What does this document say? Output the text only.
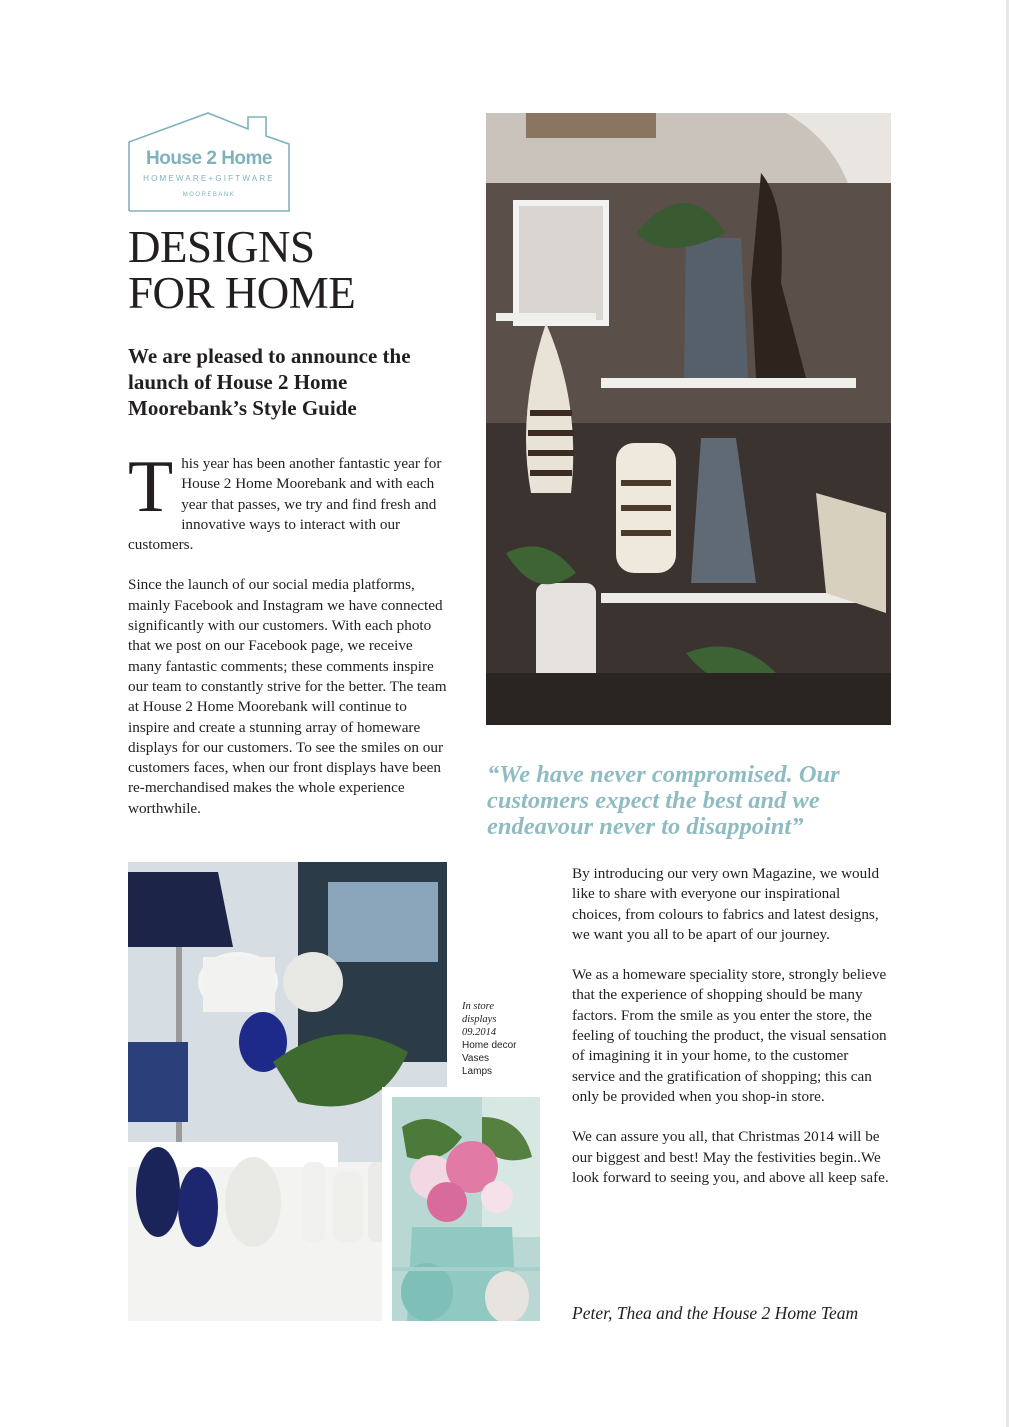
House 2 Home
HOMEWARE+GIFTWARE
MOOREBANK
DESIGNS
FOR HOME
We are pleased to announce the launch of House 2 Home Moorebank’s Style Guide

This year has been another fantastic year for House 2 Home Moorebank and with each year that passes, we try and find fresh and innovative ways to interact with our customers.

Since the launch of our social media platforms, mainly Facebook and Instagram we have connected significantly with our customers. With each photo that we post on our Facebook page, we receive many fantastic comments; these comments inspire our team to constantly strive for the better. The team at House 2 Home Moorebank will continue to inspire and create a stunning array of homeware displays for our customers. To see the smiles on our customers faces, when our front displays have been re-merchandised makes the whole experience worthwhile.

“We have never compromised. Our customers expect the best and we endeavour never to disappoint”

In store
displays
09.2014
Home decor
Vases
Lamps

By introducing our very own Magazine, we would like to share with everyone our inspirational choices, from colours to fabrics and latest designs, we want you all to be apart of our journey.

We as a homeware speciality store, strongly believe that the experience of shopping should be many factors. From the smile as you enter the store, the feeling of touching the product, the visual sensation of imagining it in your home, to the customer service and the gratification of shopping; this can only be provided when you shop-in store.

We can assure you all, that Christmas 2014 will be our biggest and best! May the festivities begin..We look forward to seeing you, and above all keep safe.

Peter, Thea and the House 2 Home Team
